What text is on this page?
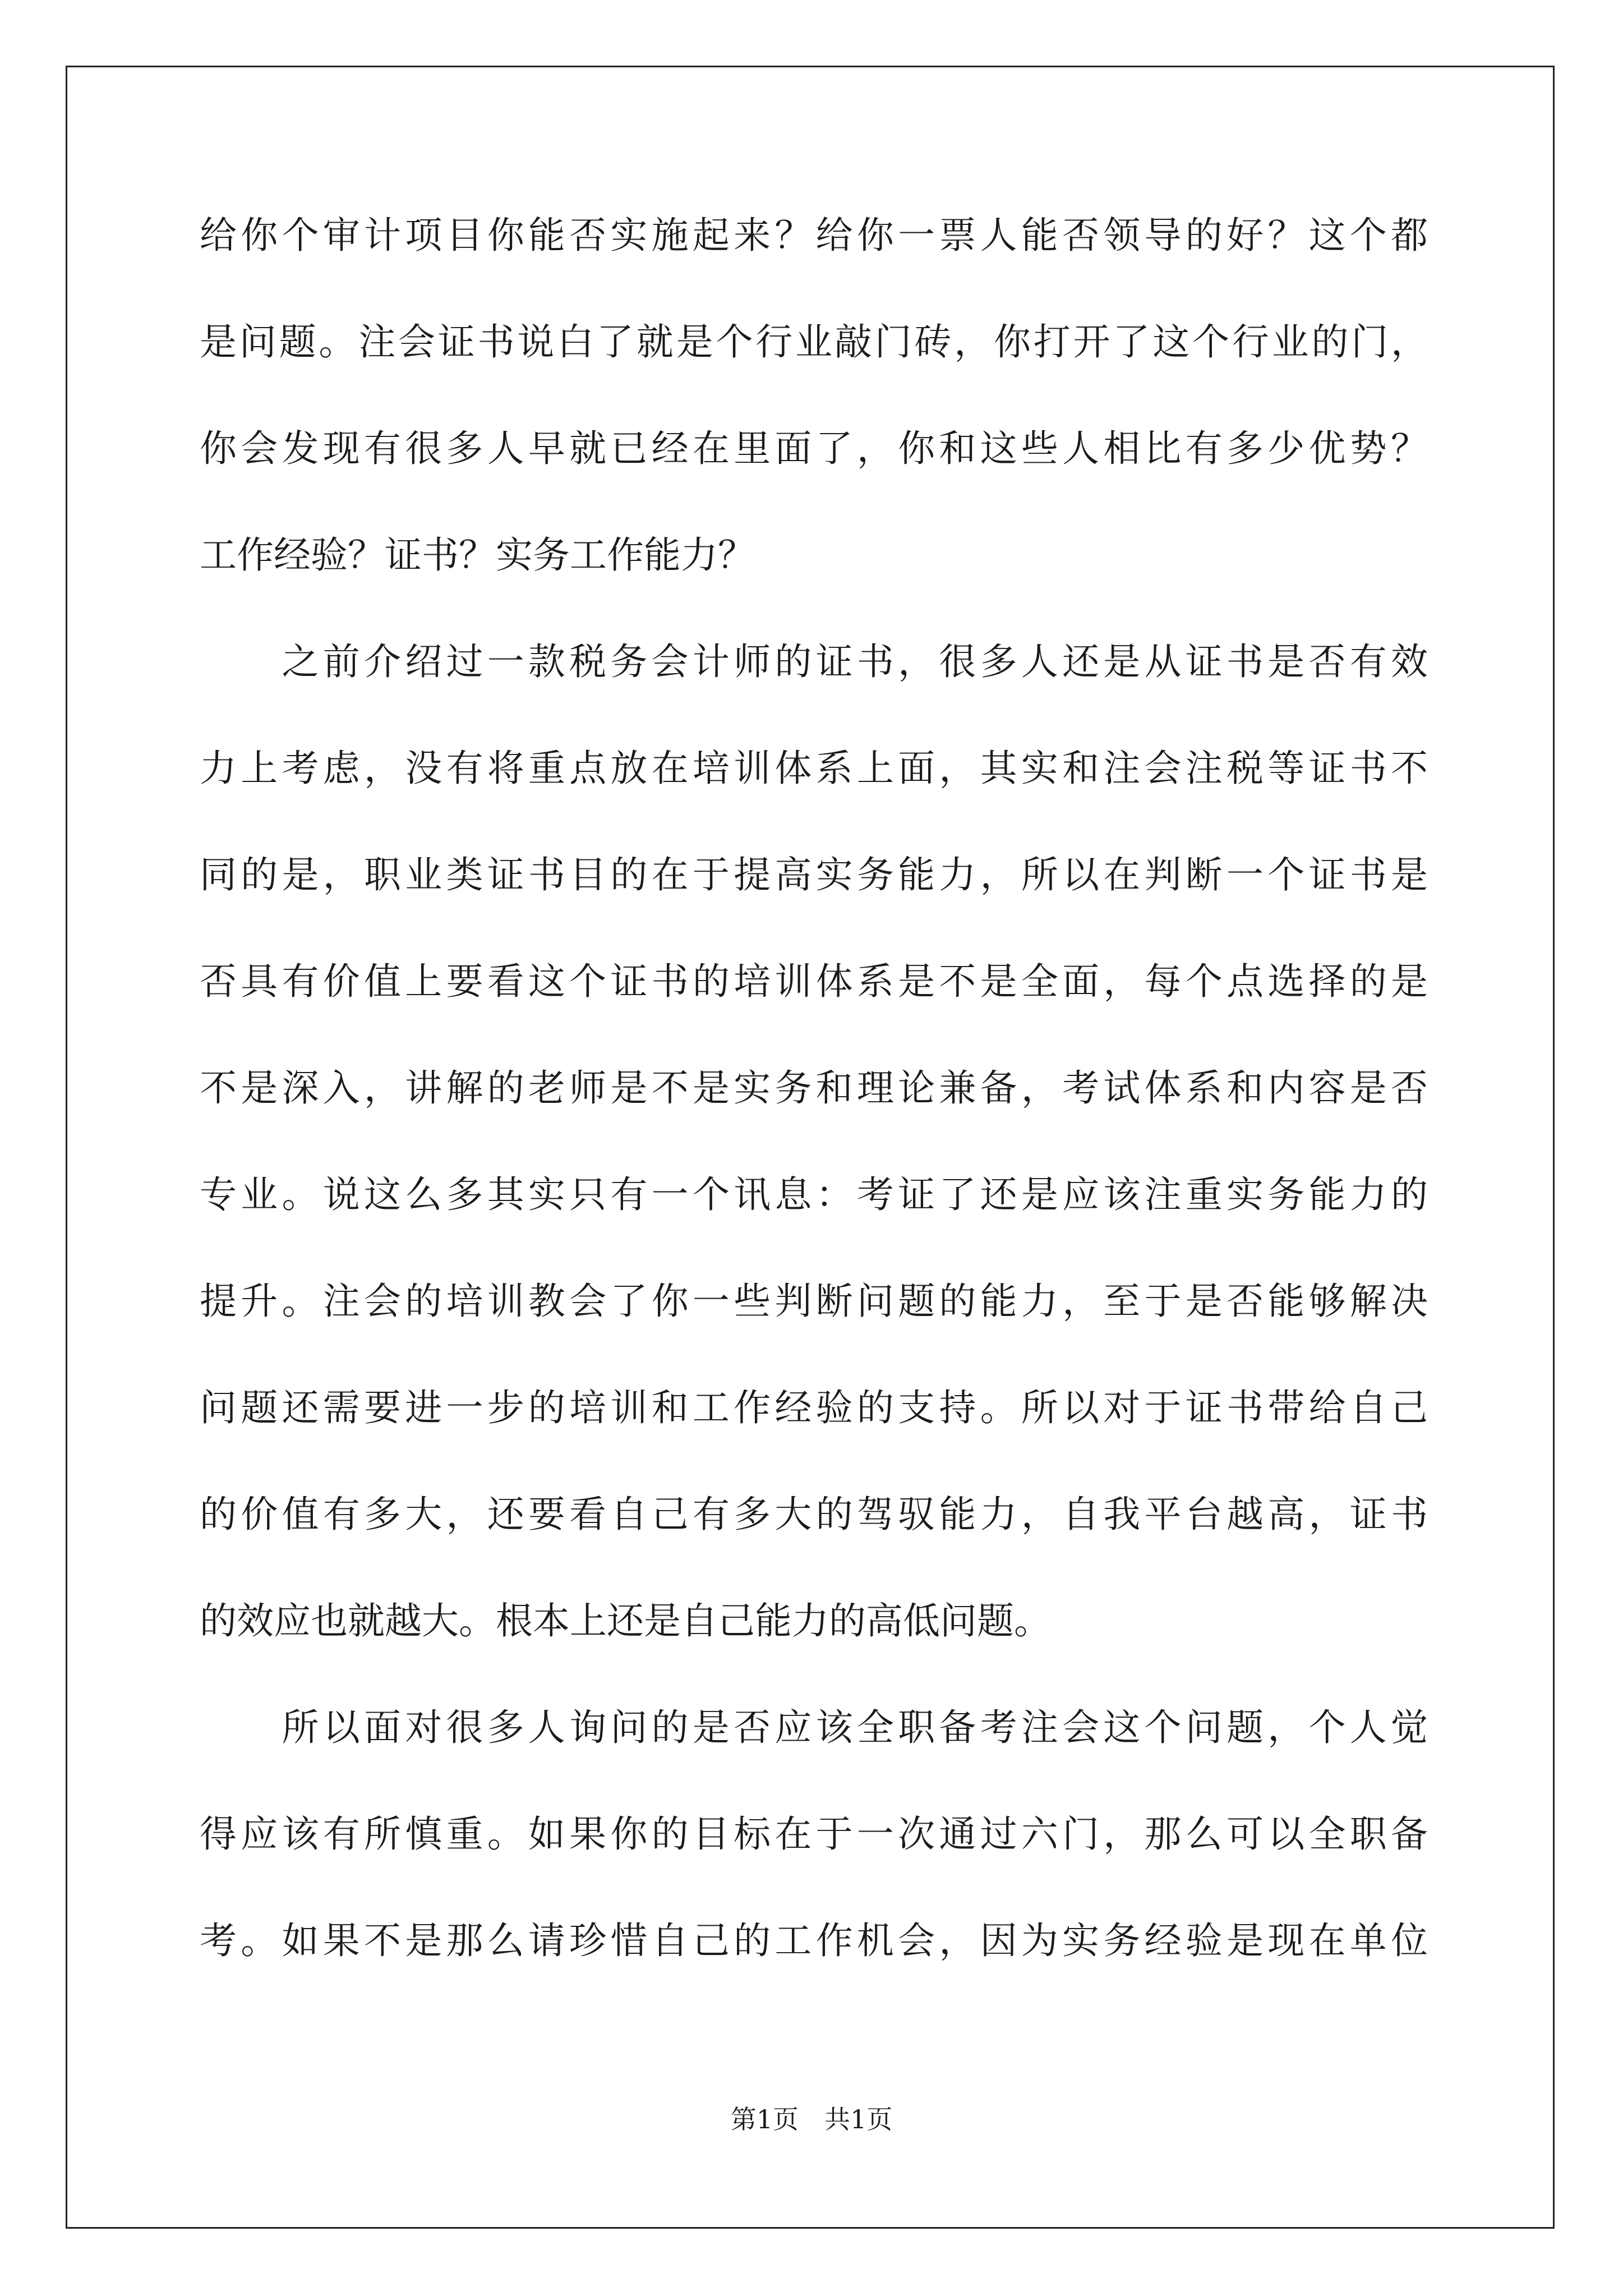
给你个审计项目你能否实施起来？给你一票人能否领导的好？这个都
是问题。注会证书说白了就是个行业敲门砖，你打开了这个行业的门，
你会发现有很多人早就已经在里面了，你和这些人相比有多少优势？
工作经验？证书？实务工作能力？
　　之前介绍过一款税务会计师的证书，很多人还是从证书是否有效
力上考虑，没有将重点放在培训体系上面，其实和注会注税等证书不
同的是，职业类证书目的在于提高实务能力，所以在判断一个证书是
否具有价值上要看这个证书的培训体系是不是全面，每个点选择的是
不是深入，讲解的老师是不是实务和理论兼备，考试体系和内容是否
专业。说这么多其实只有一个讯息：考证了还是应该注重实务能力的
提升。注会的培训教会了你一些判断问题的能力，至于是否能够解决
问题还需要进一步的培训和工作经验的支持。所以对于证书带给自己
的价值有多大，还要看自己有多大的驾驭能力，自我平台越高，证书
的效应也就越大。根本上还是自己能力的高低问题。
　　所以面对很多人询问的是否应该全职备考注会这个问题，个人觉
得应该有所慎重。如果你的目标在于一次通过六门，那么可以全职备
考。如果不是那么请珍惜自己的工作机会，因为实务经验是现在单位
第1页　共1页
